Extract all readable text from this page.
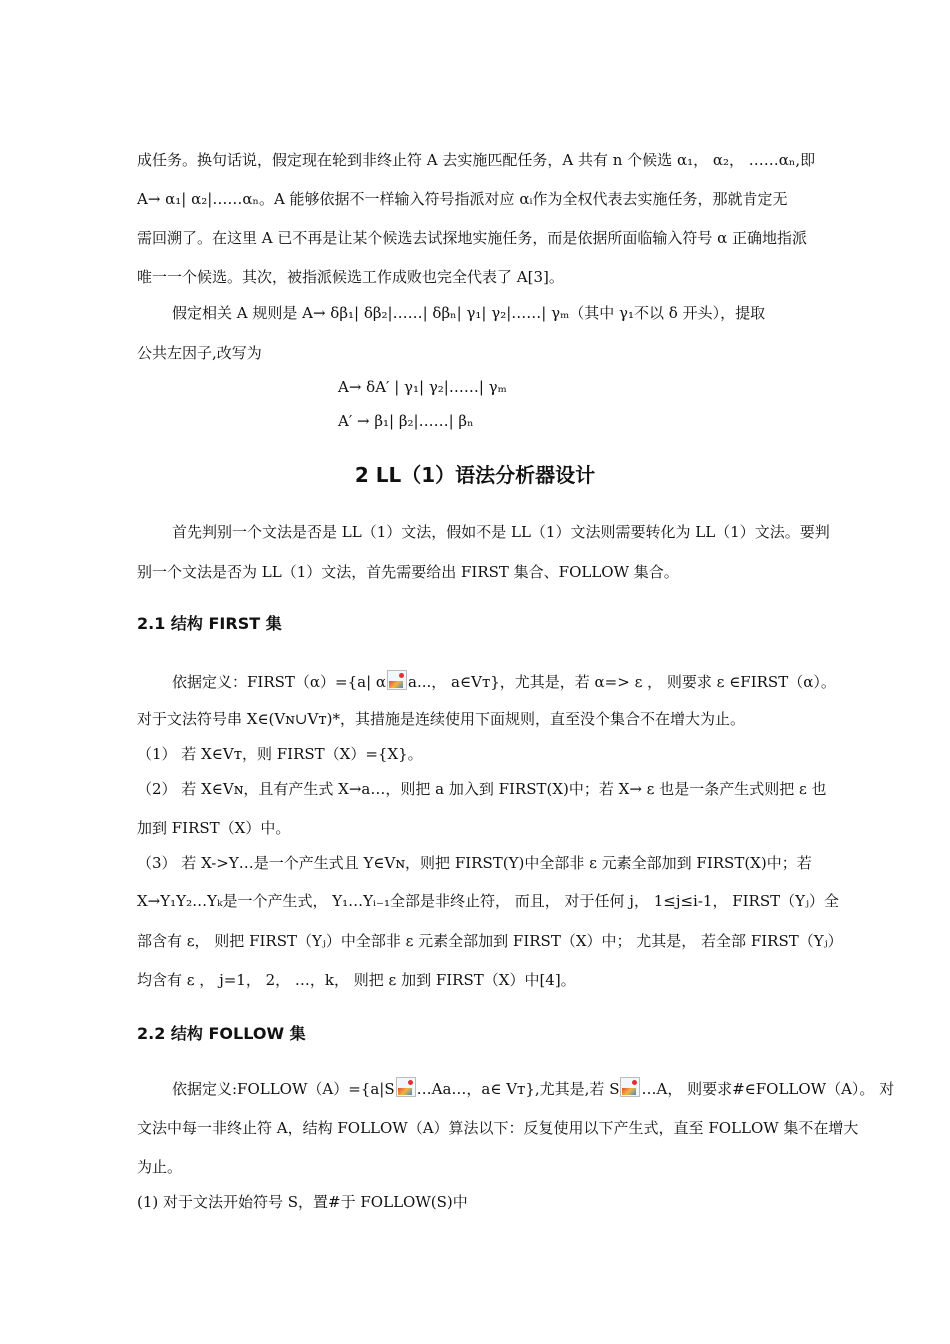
成任务。换句话说，假定现在轮到非终止符 A 去实施匹配任务，A 共有 n 个候选 α₁， α₂， ……αₙ,即
A→ α₁| α₂|……αₙ。A 能够依据不一样输入符号指派对应 αᵢ作为全权代表去实施任务，那就肯定无
需回溯了。在这里 A 已不再是让某个候选去试探地实施任务，而是依据所面临输入符号 α 正确地指派
唯一一个候选。其次，被指派候选工作成败也完全代表了 A[3]。
假定相关 A 规则是 A→ δβ₁| δβ₂|……| δβₙ| γ₁| γ₂|……| γₘ（其中 γ₁不以 δ 开头），提取
公共左因子,改写为
A→ δA′ | γ₁| γ₂|……| γₘ
A′ → β₁| β₂|……| βₙ
2 LL（1）语法分析器设计
首先判别一个文法是否是 LL（1）文法，假如不是 LL（1）文法则需要转化为 LL（1）文法。要判
别一个文法是否为 LL（1）文法，首先需要给出 FIRST 集合、FOLLOW 集合。
2.1 结构 FIRST 集
依据定义：FIRST（α）={a| α a...， a∈Vт}，尤其是，若 α=> ε ， 则要求 ε ∈FIRST（α）。
对于文法符号串 X∈(Vɴ∪Vт)*，其措施是连续使用下面规则，直至没个集合不在增大为止。
（1） 若 X∈Vт，则 FIRST（X）={X}。
（2） 若 X∈Vɴ，且有产生式 X→a…，则把 a 加入到 FIRST(X)中；若 X→ ε 也是一条产生式则把 ε 也
加到 FIRST（X）中。
（3） 若 X->Y…是一个产生式且 Y∈Vɴ，则把 FIRST(Y)中全部非 ε 元素全部加到 FIRST(X)中；若
X→Y₁Y₂…Yₖ是一个产生式， Y₁…Yᵢ₋₁全部是非终止符， 而且， 对于任何 j， 1≤j≤i-1， FIRST（Yⱼ）全
部含有 ε， 则把 FIRST（Yⱼ）中全部非 ε 元素全部加到 FIRST（X）中； 尤其是， 若全部 FIRST（Yⱼ）
均含有 ε ， j=1， 2， …，k， 则把 ε 加到 FIRST（X）中[4]。
2.2 结构 FOLLOW 集
依据定义:FOLLOW（A）={a|S …Aa…，a∈ Vт},尤其是,若 S …A， 则要求#∈FOLLOW（A）。 对
文法中每一非终止符 A，结构 FOLLOW（A）算法以下：反复使用以下产生式，直至 FOLLOW 集不在增大
为止。
(1) 对于文法开始符号 S，置#于 FOLLOW(S)中
